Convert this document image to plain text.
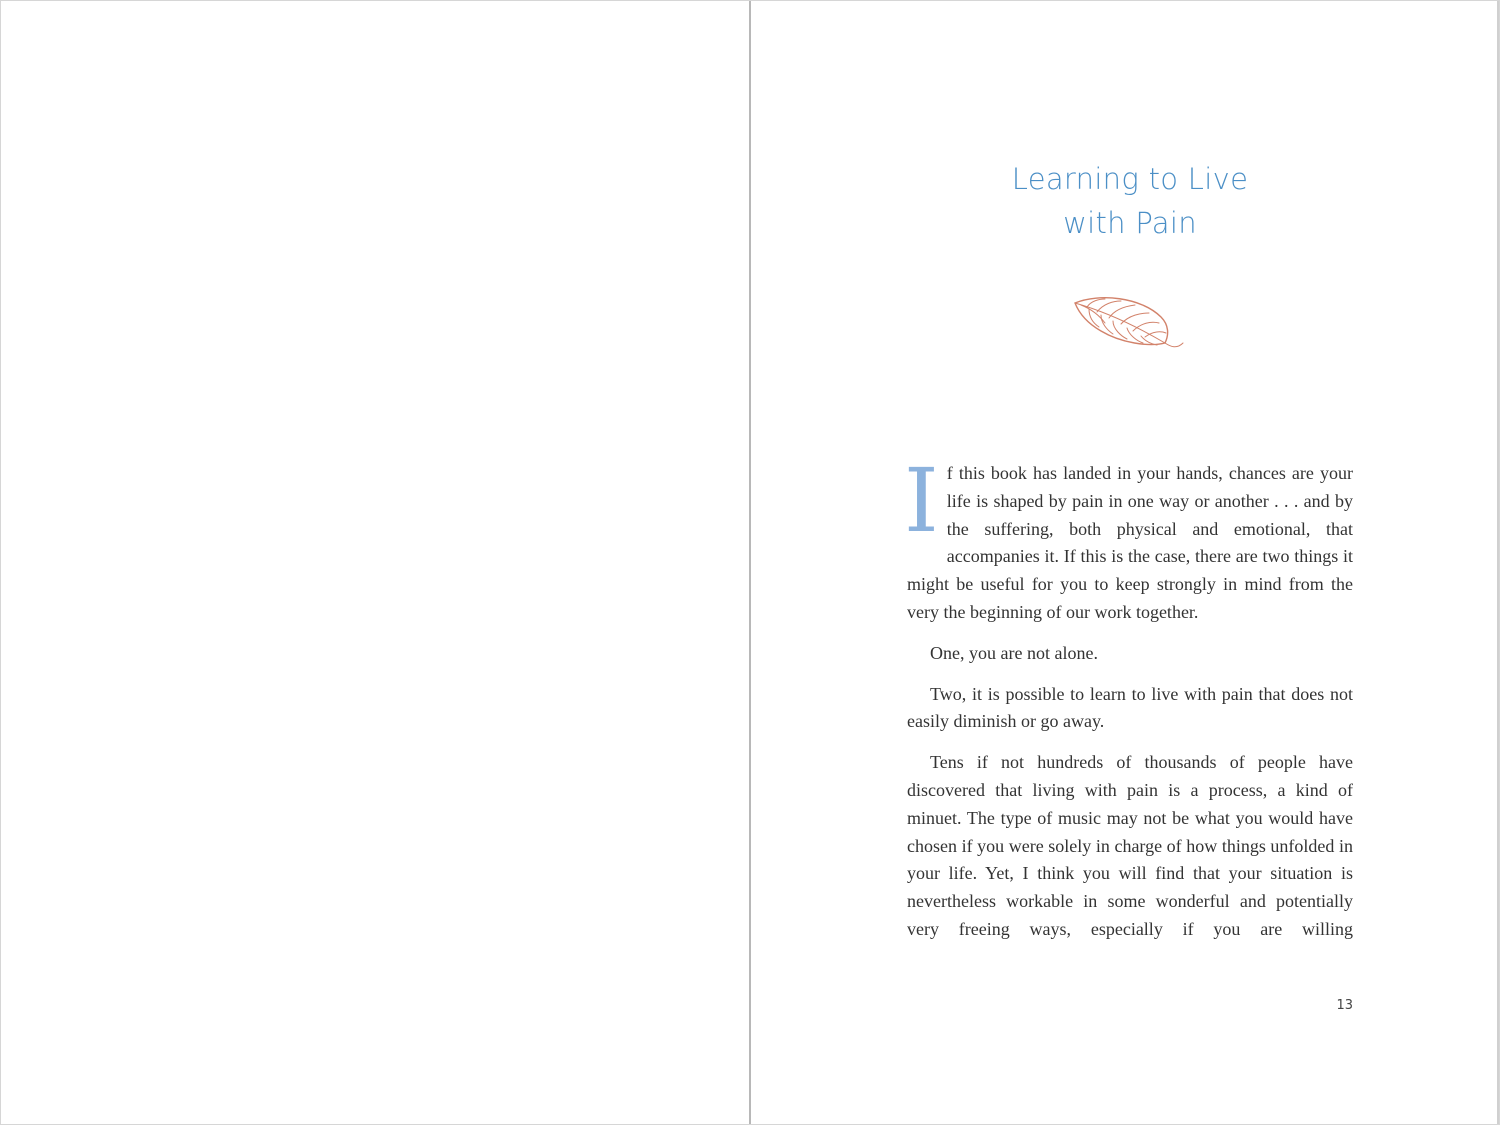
Learning to Live
with Pain

If this book has landed in your hands, chances are your life is shaped by pain in one way or another . . . and by the suffering, both physical and emotional, that accompanies it. If this is the case, there are two things it might be useful for you to keep strongly in mind from the very the beginning of our work together.

One, you are not alone.

Two, it is possible to learn to live with pain that does not easily diminish or go away.

Tens if not hundreds of thousands of people have discovered that living with pain is a process, a kind of minuet. The type of music may not be what you would have chosen if you were solely in charge of how things unfolded in your life. Yet, I think you will find that your situation is nevertheless workable in some wonderful and potentially very freeing ways, especially if you are willing

13
